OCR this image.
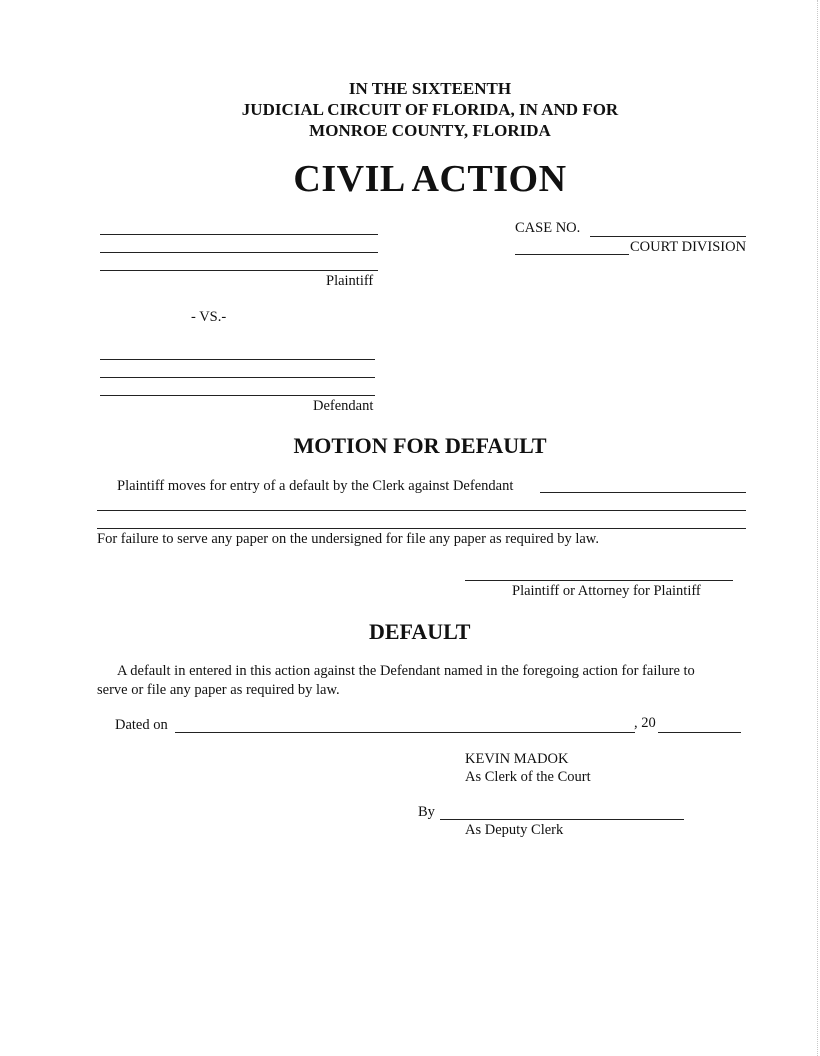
IN THE SIXTEENTH
JUDICIAL CIRCUIT OF FLORIDA, IN AND FOR
MONROE COUNTY, FLORIDA
CIVIL ACTION
Plaintiff
CASE NO.
COURT DIVISION
- VS.-
Defendant
MOTION FOR DEFAULT
Plaintiff moves for entry of a default by the Clerk against Defendant
For failure to serve any paper on the undersigned for file any paper as required by law.
Plaintiff or Attorney for Plaintiff
DEFAULT
A default in entered in this action against the Defendant named in the foregoing action for failure to
serve or file any paper as required by law.
Dated on	, 20
KEVIN MADOK
As Clerk of the Court
By
As Deputy Clerk
